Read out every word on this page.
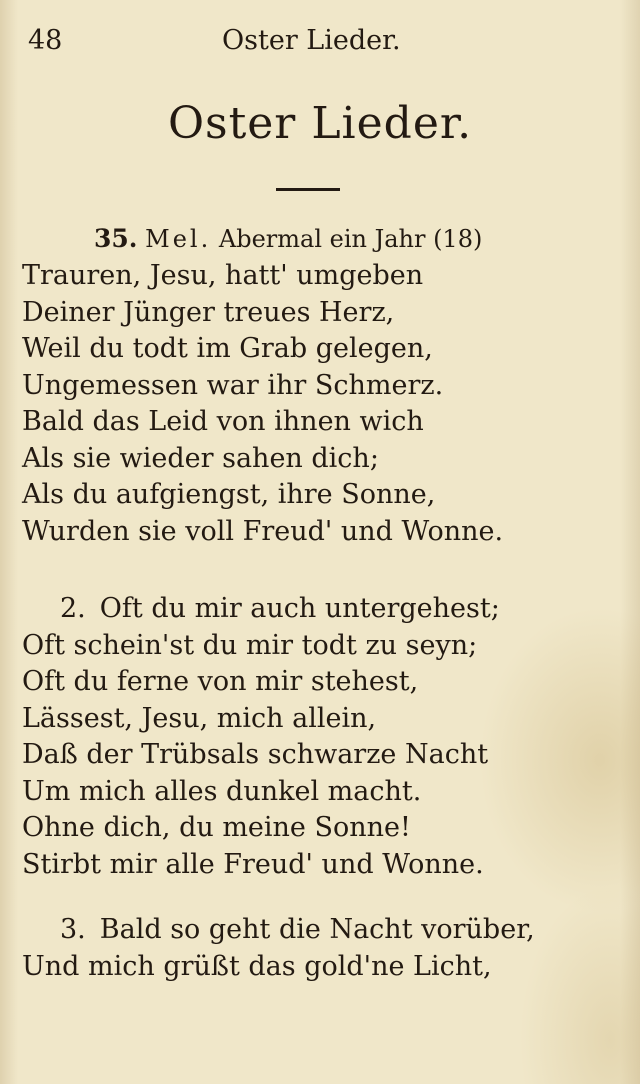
48	Oster Lieder.
Oster Lieder.
35. Mel. Abermal ein Jahr (18)
Trauren, Jesu, hatt' umgeben
Deiner Jünger treues Herz,
Weil du todt im Grab gelegen,
Ungemessen war ihr Schmerz.
Bald das Leid von ihnen wich
Als sie wieder sahen dich;
Als du aufgiengst, ihre Sonne,
Wurden sie voll Freud' und Wonne.
2. Oft du mir auch untergehest;
Oft schein'st du mir todt zu seyn;
Oft du ferne von mir stehest,
Lässest, Jesu, mich allein,
Daß der Trübsals schwarze Nacht
Um mich alles dunkel macht.
Ohne dich, du meine Sonne!
Stirbt mir alle Freud' und Wonne.
3. Bald so geht die Nacht vorüber,
Und mich grüßt das gold'ne Licht,
